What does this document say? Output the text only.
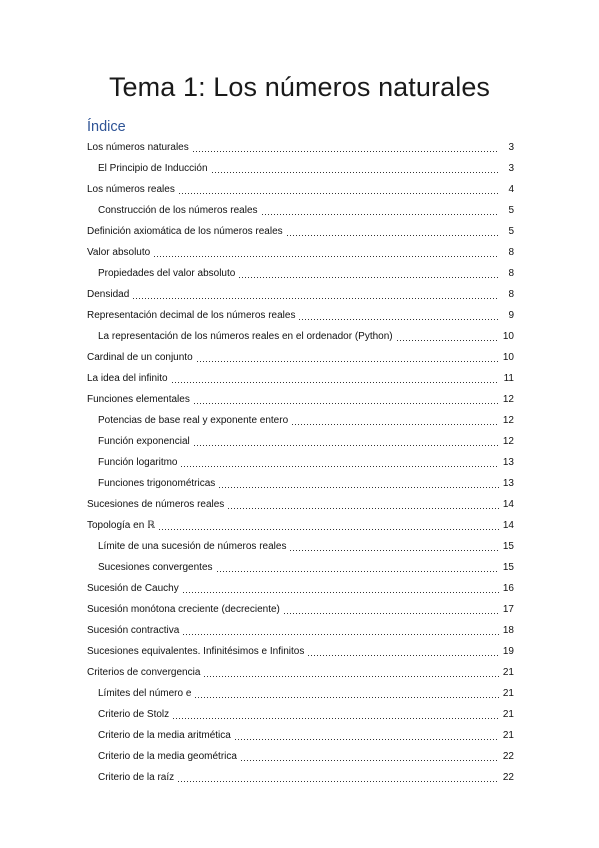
Tema 1: Los números naturales
Índice
Los números naturales	3
El Principio de Inducción	3
Los números reales	4
Construcción de los números reales	5
Definición axiomática de los números reales	5
Valor absoluto	8
Propiedades del valor absoluto	8
Densidad	8
Representación decimal de los números reales	9
La representación de los números reales en el ordenador (Python)	10
Cardinal de un conjunto	10
La idea del infinito	11
Funciones elementales	12
Potencias de base real y exponente entero	12
Función exponencial	12
Función logaritmo	13
Funciones trigonométricas	13
Sucesiones de números reales	14
Topología en ℝ	14
Límite de una sucesión de números reales	15
Sucesiones convergentes	15
Sucesión de Cauchy	16
Sucesión monótona creciente (decreciente)	17
Sucesión contractiva	18
Sucesiones equivalentes. Infinitésimos e Infinitos	19
Criterios de convergencia	21
Límites del número e	21
Criterio de Stolz	21
Criterio de la media aritmética	21
Criterio de la media geométrica	22
Criterio de la raíz	22
